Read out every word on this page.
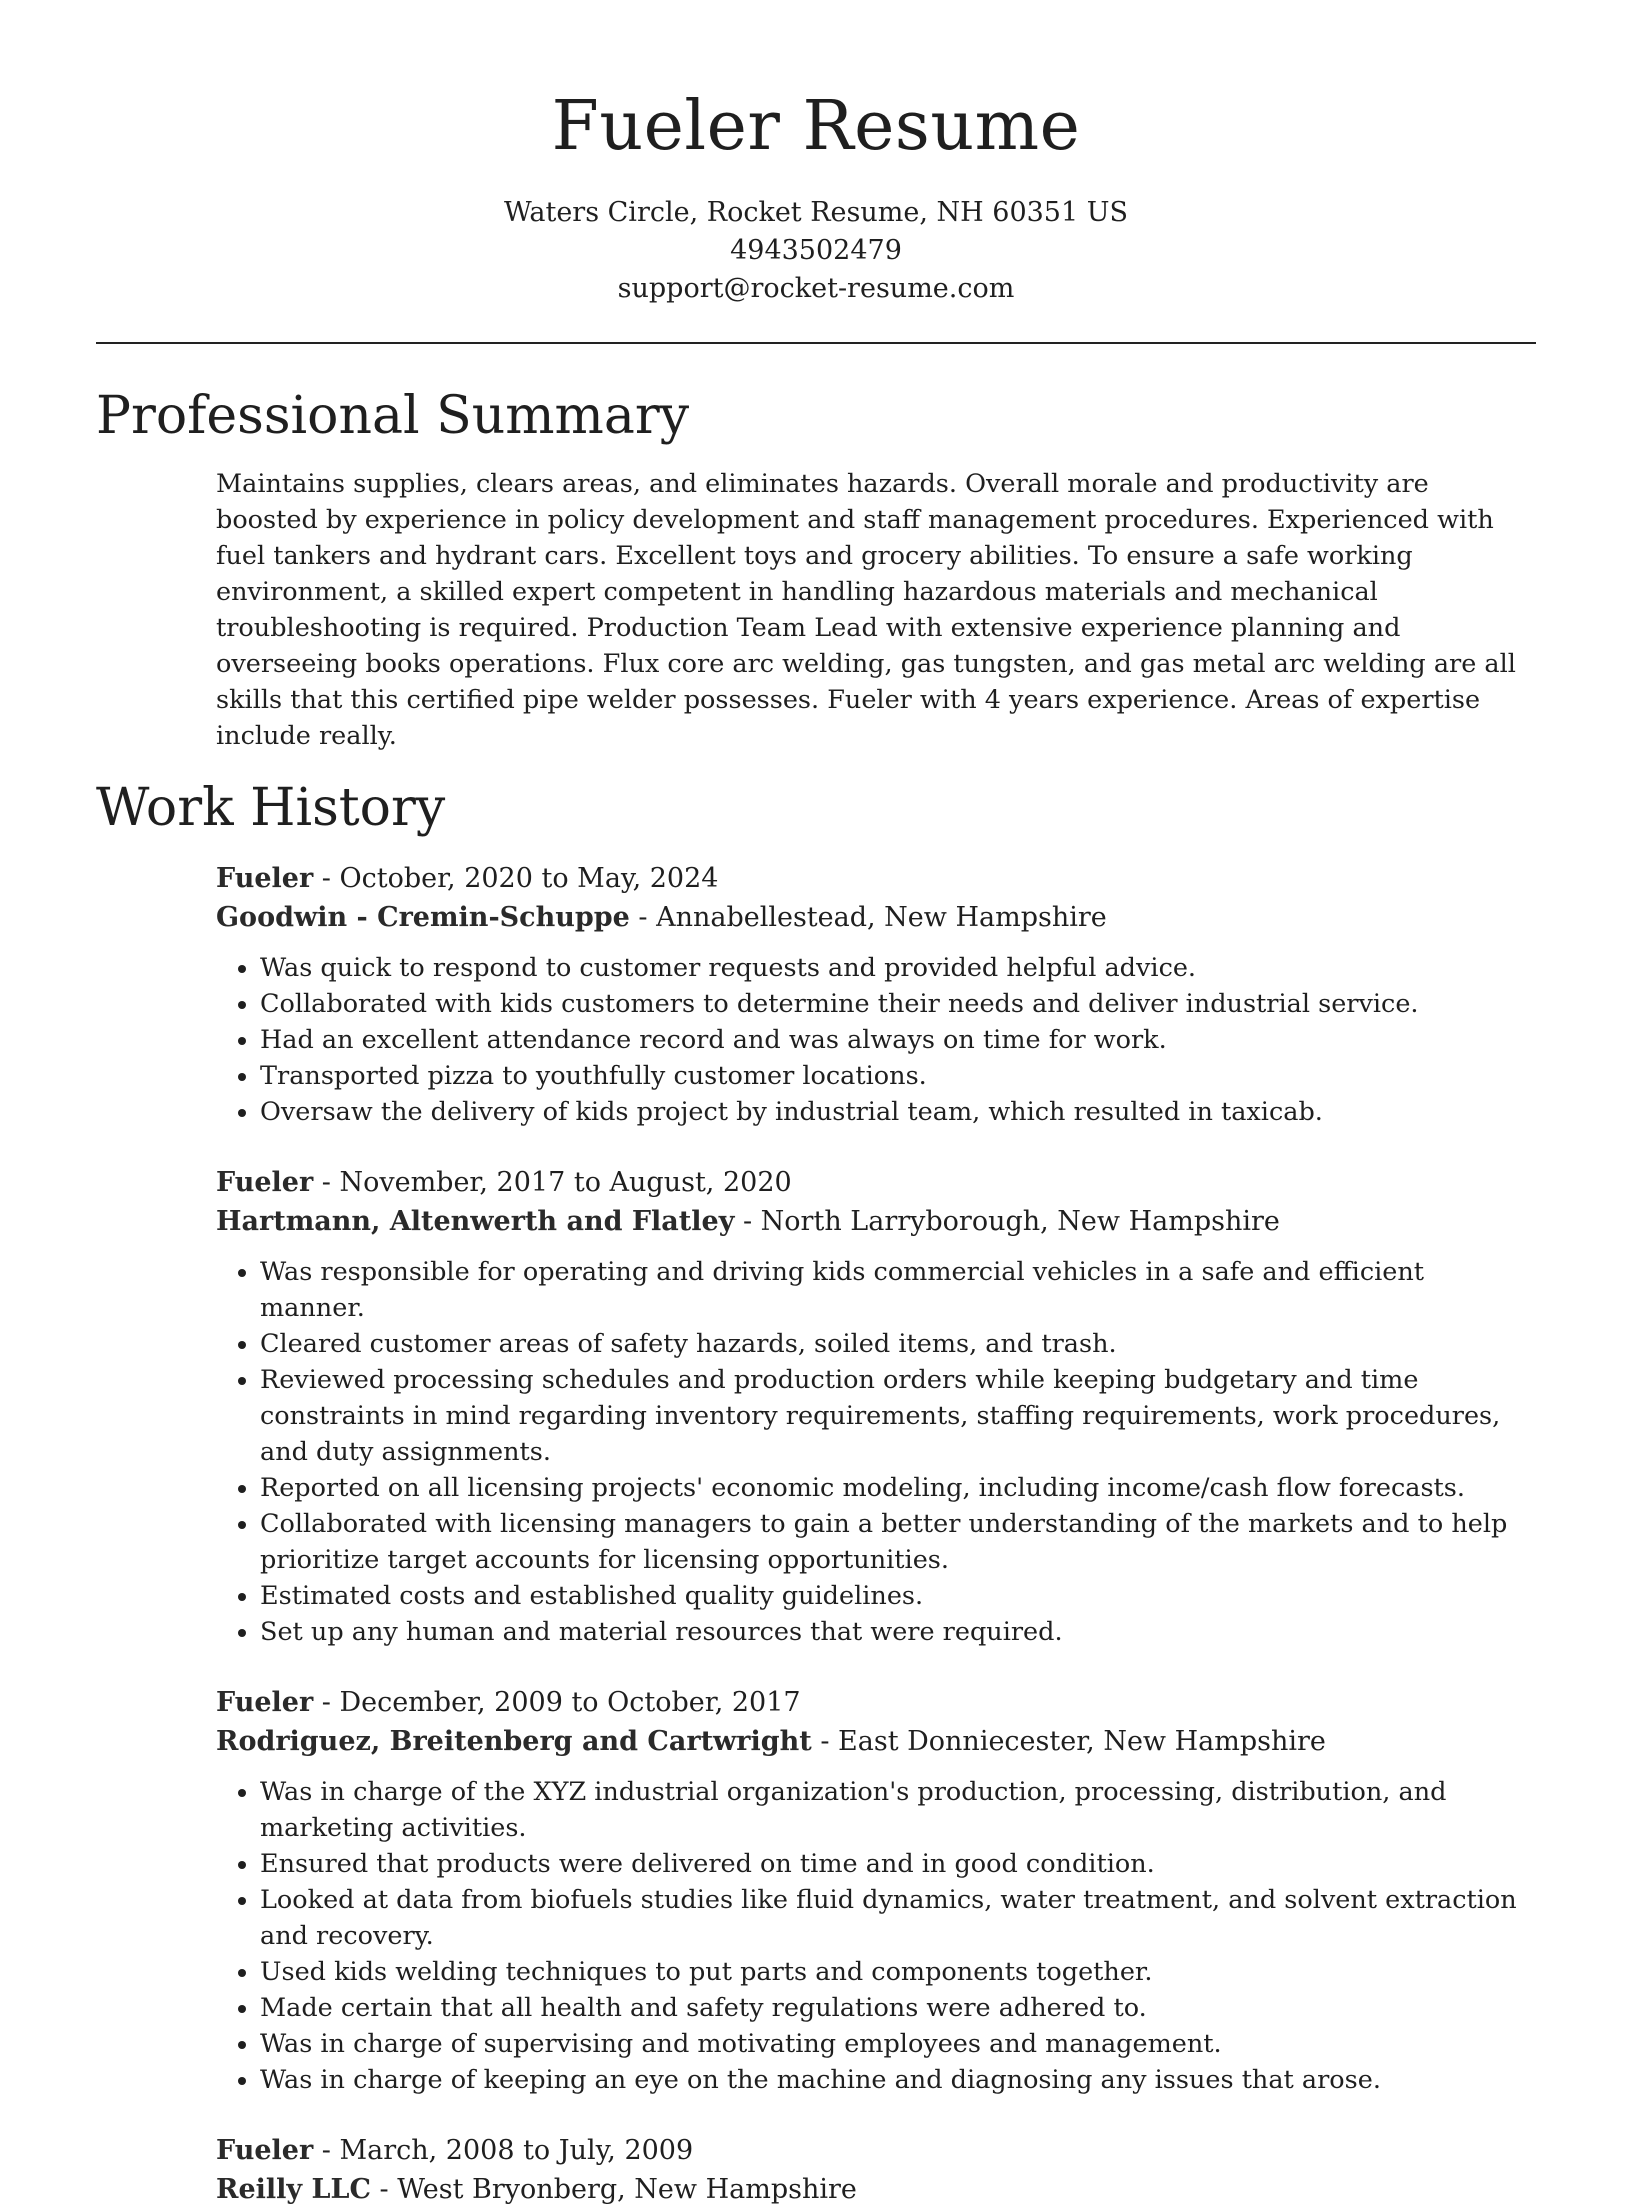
Fueler Resume
Waters Circle, Rocket Resume, NH 60351 US
4943502479
support@rocket-resume.com
Professional Summary

Maintains supplies, clears areas, and eliminates hazards. Overall morale and productivity are boosted by experience in policy development and staff management procedures. Experienced with fuel tankers and hydrant cars. Excellent toys and grocery abilities. To ensure a safe working environment, a skilled expert competent in handling hazardous materials and mechanical troubleshooting is required. Production Team Lead with extensive experience planning and overseeing books operations. Flux core arc welding, gas tungsten, and gas metal arc welding are all skills that this certified pipe welder possesses. Fueler with 4 years experience. Areas of expertise include really.

Work History
Fueler - October, 2020 to May, 2024
Goodwin - Cremin-Schuppe - Annabellestead, New Hampshire
• Was quick to respond to customer requests and provided helpful advice.
• Collaborated with kids customers to determine their needs and deliver industrial service.
• Had an excellent attendance record and was always on time for work.
• Transported pizza to youthfully customer locations.
• Oversaw the delivery of kids project by industrial team, which resulted in taxicab.
Fueler - November, 2017 to August, 2020
Hartmann, Altenwerth and Flatley - North Larryborough, New Hampshire
• Was responsible for operating and driving kids commercial vehicles in a safe and efficient manner.
• Cleared customer areas of safety hazards, soiled items, and trash.
• Reviewed processing schedules and production orders while keeping budgetary and time constraints in mind regarding inventory requirements, staffing requirements, work procedures, and duty assignments.
• Reported on all licensing projects' economic modeling, including income/cash flow forecasts.
• Collaborated with licensing managers to gain a better understanding of the markets and to help prioritize target accounts for licensing opportunities.
• Estimated costs and established quality guidelines.
• Set up any human and material resources that were required.
Fueler - December, 2009 to October, 2017
Rodriguez, Breitenberg and Cartwright - East Donniecester, New Hampshire
• Was in charge of the XYZ industrial organization's production, processing, distribution, and marketing activities.
• Ensured that products were delivered on time and in good condition.
• Looked at data from biofuels studies like fluid dynamics, water treatment, and solvent extraction and recovery.
• Used kids welding techniques to put parts and components together.
• Made certain that all health and safety regulations were adhered to.
• Was in charge of supervising and motivating employees and management.
• Was in charge of keeping an eye on the machine and diagnosing any issues that arose.
Fueler - March, 2008 to July, 2009
Reilly LLC - West Bryonberg, New Hampshire
